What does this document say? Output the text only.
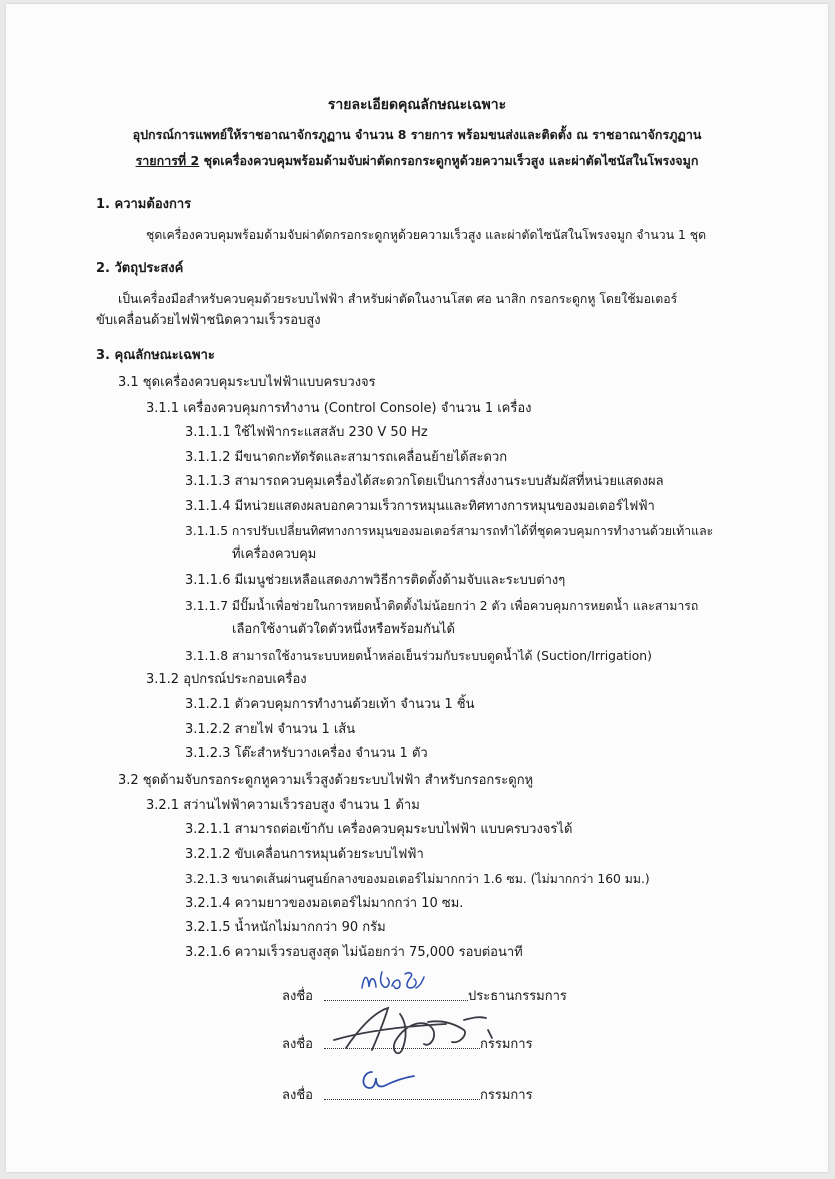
รายละเอียดคุณลักษณะเฉพาะ
อุปกรณ์การแพทย์ให้ราชอาณาจักรภูฏาน จำนวน 8 รายการ พร้อมขนส่งและติดตั้ง ณ ราชอาณาจักรภูฏาน
รายการที่ 2 ชุดเครื่องควบคุมพร้อมด้ามจับผ่าตัดกรอกระดูกหูด้วยความเร็วสูง และผ่าตัดไซนัสในโพรงจมูก
1. ความต้องการ
ชุดเครื่องควบคุมพร้อมด้ามจับผ่าตัดกรอกระดูกหูด้วยความเร็วสูง และผ่าตัดไซนัสในโพรงจมูก จำนวน 1 ชุด
2. วัตถุประสงค์
เป็นเครื่องมือสำหรับควบคุมด้วยระบบไฟฟ้า สำหรับผ่าตัดในงานโสต ศอ นาสิก กรอกระดูกหู โดยใช้มอเตอร์
ขับเคลื่อนด้วยไฟฟ้าชนิดความเร็วรอบสูง
3. คุณลักษณะเฉพาะ
3.1 ชุดเครื่องควบคุมระบบไฟฟ้าแบบครบวงจร
3.1.1 เครื่องควบคุมการทำงาน (Control Console) จำนวน 1 เครื่อง
3.1.1.1 ใช้ไฟฟ้ากระแสสลับ 230 V 50 Hz
3.1.1.2 มีขนาดกะทัดรัดและสามารถเคลื่อนย้ายได้สะดวก
3.1.1.3 สามารถควบคุมเครื่องได้สะดวกโดยเป็นการสั่งงานระบบสัมผัสที่หน่วยแสดงผล
3.1.1.4 มีหน่วยแสดงผลบอกความเร็วการหมุนและทิศทางการหมุนของมอเตอร์ไฟฟ้า
3.1.1.5 การปรับเปลี่ยนทิศทางการหมุนของมอเตอร์สามารถทำได้ที่ชุดควบคุมการทำงานด้วยเท้าและ
ที่เครื่องควบคุม
3.1.1.6 มีเมนูช่วยเหลือแสดงภาพวิธีการติดตั้งด้ามจับและระบบต่างๆ
3.1.1.7 มีปั๊มน้ำเพื่อช่วยในการหยดน้ำติดตั้งไม่น้อยกว่า 2 ตัว เพื่อควบคุมการหยดน้ำ และสามารถ
เลือกใช้งานตัวใดตัวหนึ่งหรือพร้อมกันได้
3.1.1.8 สามารถใช้งานระบบหยดน้ำหล่อเย็นร่วมกับระบบดูดน้ำได้ (Suction/Irrigation)
3.1.2 อุปกรณ์ประกอบเครื่อง
3.1.2.1 ตัวควบคุมการทำงานด้วยเท้า จำนวน 1 ชิ้น
3.1.2.2 สายไฟ จำนวน 1 เส้น
3.1.2.3 โต๊ะสำหรับวางเครื่อง จำนวน 1 ตัว
3.2 ชุดด้ามจับกรอกระดูกหูความเร็วสูงด้วยระบบไฟฟ้า สำหรับกรอกระดูกหู
3.2.1 สว่านไฟฟ้าความเร็วรอบสูง จำนวน 1 ด้าม
3.2.1.1 สามารถต่อเข้ากับ เครื่องควบคุมระบบไฟฟ้า แบบครบวงจรได้
3.2.1.2 ขับเคลื่อนการหมุนด้วยระบบไฟฟ้า
3.2.1.3 ขนาดเส้นผ่านศูนย์กลางของมอเตอร์ไม่มากกว่า 1.6 ซม. (ไม่มากกว่า 160 มม.)
3.2.1.4 ความยาวของมอเตอร์ไม่มากกว่า 10 ซม.
3.2.1.5 น้ำหนักไม่มากกว่า 90 กรัม
3.2.1.6 ความเร็วรอบสูงสุด ไม่น้อยกว่า 75,000 รอบต่อนาที
ลงชื่อ	ประธานกรรมการ
ลงชื่อ	กรรมการ
ลงชื่อ	กรรมการ
